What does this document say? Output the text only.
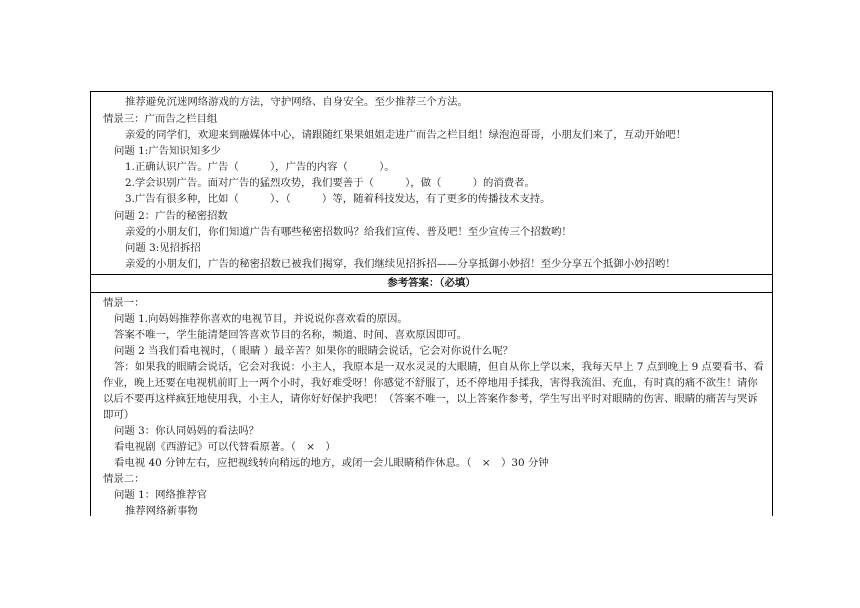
推荐避免沉迷网络游戏的方法，守护网络、自身安全。至少推荐三个方法。
情景三：广而告之栏目组
亲爱的同学们，欢迎来到融媒体中心，请跟随红果果姐姐走进广而告之栏目组！绿泡泡哥哥，小朋友们来了，互动开始吧！
问题 1:广告知识知多少
1.正确认识广告。广告（　　　），广告的内容（　　　）。
2.学会识别广告。面对广告的猛烈攻势，我们要善于（　　　），做（　　　）的消费者。
3.广告有很多种，比如（　　　）、（　　　）等，随着科技发达，有了更多的传播技术支持。
问题 2：广告的秘密招数
亲爱的小朋友们，你们知道广告有哪些秘密招数吗？给我们宣传、普及吧！至少宣传三个招数哟！
问题 3:见招拆招
亲爱的小朋友们，广告的秘密招数已被我们揭穿，我们继续见招拆招——分享抵御小妙招！至少分享五个抵御小妙招哟！
参考答案：（必填）
情景一：
问题 1.向妈妈推荐你喜欢的电视节目，并说说你喜欢看的原因。
答案不唯一，学生能清楚回答喜欢节目的名称，频道、时间、喜欢原因即可。
问题 2 当我们看电视时，（ 眼睛 ）最辛苦？如果你的眼睛会说话，它会对你说什么呢？
答：如果我的眼睛会说话，它会对我说：小主人，我原本是一双水灵灵的大眼睛，但自从你上学以来，我每天早上 7 点到晚上 9 点要看书、看作业，晚上还要在电视机前盯上一两个小时，我好难受呀！你感觉不舒服了，还不停地用手揉我，害得我流泪、充血，有时真的痛不欲生！请你以后不要再这样疯狂地使用我，小主人，请你好好保护我吧！（答案不唯一，以上答案作参考，学生写出平时对眼睛的伤害、眼睛的痛苦与哭诉即可）
问题 3：你认同妈妈的看法吗？
看电视剧《西游记》可以代替看原著。（　×　）
看电视 40 分钟左右，应把视线转向稍远的地方，或闭一会儿眼睛稍作休息。（　×　）30 分钟
情景二：
问题 1：网络推荐官
推荐网络新事物
